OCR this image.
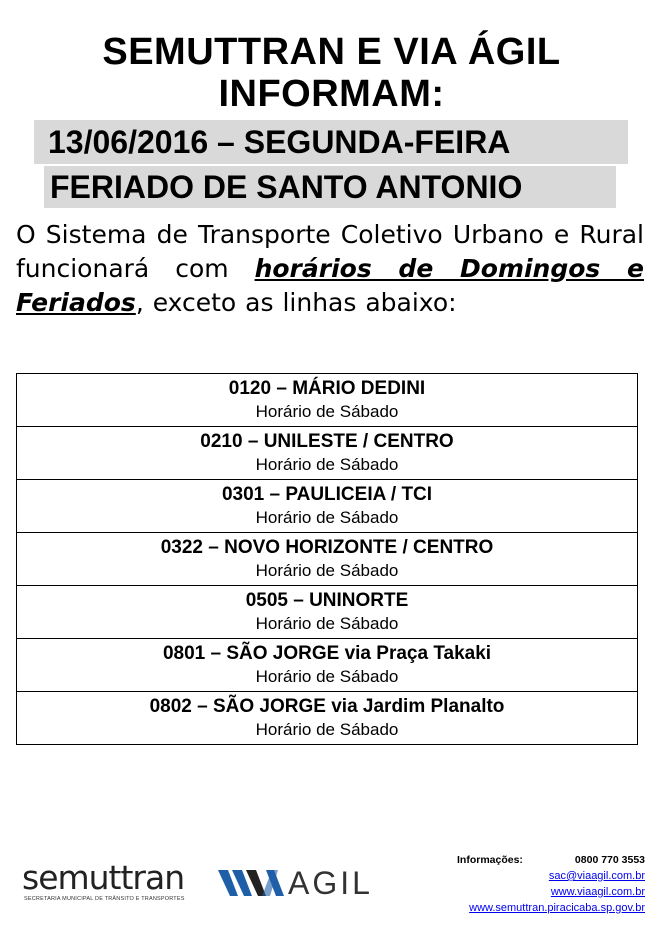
SEMUTTRAN E VIA ÁGIL
INFORMAM:
13/06/2016 – SEGUNDA-FEIRA
FERIADO DE SANTO ANTONIO
O Sistema de Transporte Coletivo Urbano e Rural funcionará com horários de Domingos e Feriados, exceto as linhas abaixo:
0120 – MÁRIO DEDINI
Horário de Sábado

0210 – UNILESTE / CENTRO
Horário de Sábado

0301 – PAULICEIA / TCI
Horário de Sábado

0322 – NOVO HORIZONTE / CENTRO
Horário de Sábado

0505 – UNINORTE
Horário de Sábado

0801 – SÃO JORGE via Praça Takaki
Horário de Sábado

0802 – SÃO JORGE via Jardim Planalto
Horário de Sábado
semuttran
SECRETARIA MUNICIPAL DE TRÂNSITO E TRANSPORTES	AGIL
Informações:	0800 770 3553
sac@viaagil.com.br
www.viaagil.com.br
www.semuttran.piracicaba.sp.gov.br
